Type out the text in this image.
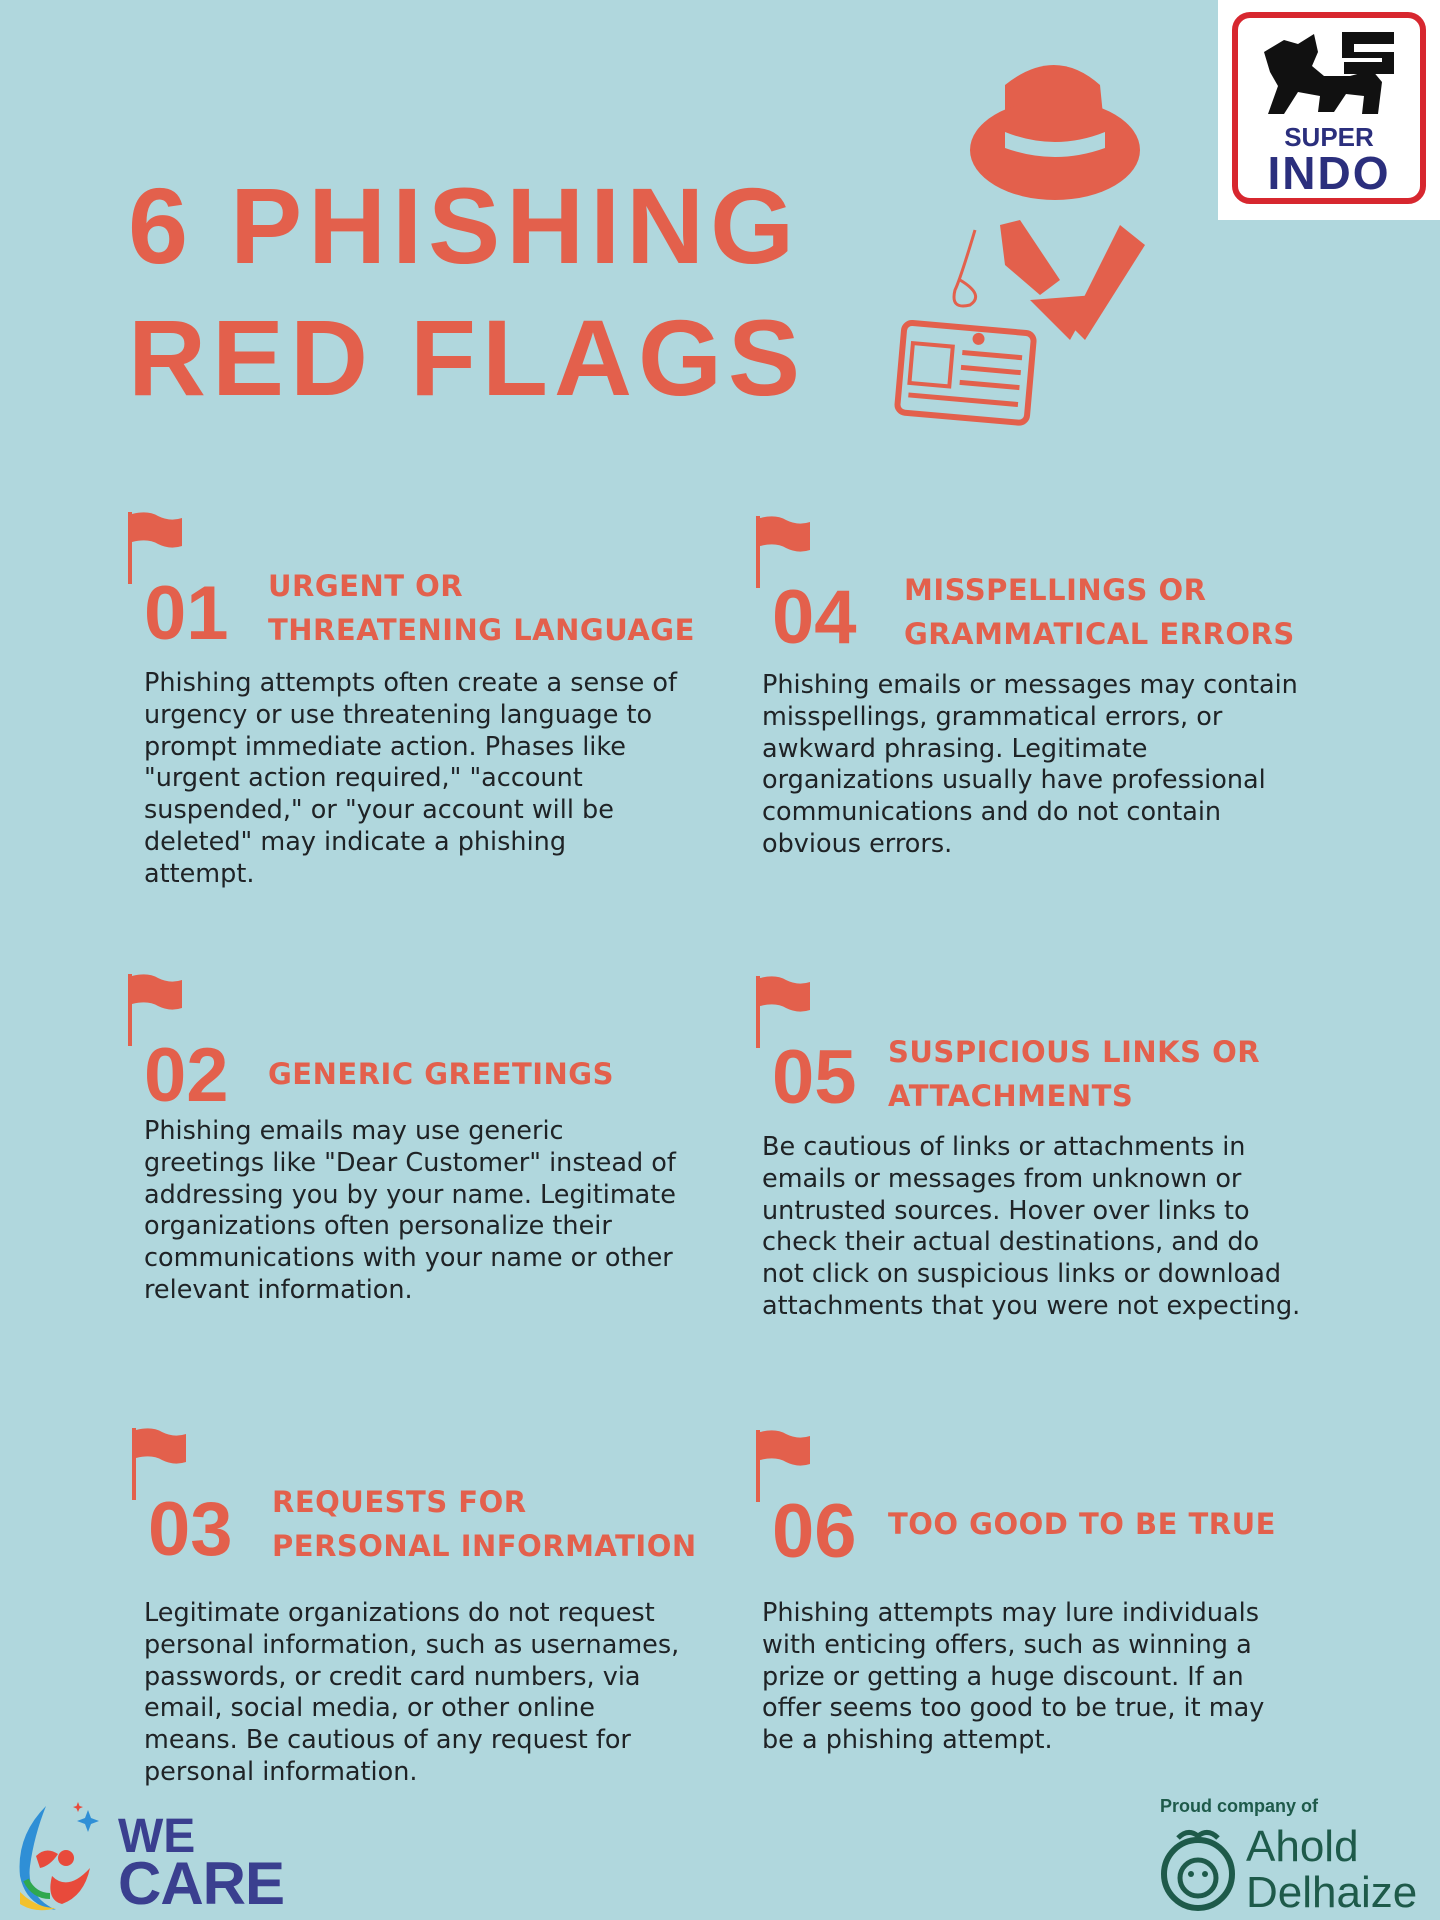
6 PHISHING
RED FLAGS
SUPER
INDO
01 URGENT OR THREATENING LANGUAGE
Phishing attempts often create a sense of urgency or use threatening language to prompt immediate action. Phases like "urgent action required," "account suspended," or "your account will be deleted" may indicate a phishing attempt.
02 GENERIC GREETINGS
Phishing emails may use generic greetings like "Dear Customer" instead of addressing you by your name. Legitimate organizations often personalize their communications with your name or other relevant information.
03 REQUESTS FOR PERSONAL INFORMATION
Legitimate organizations do not request personal information, such as usernames, passwords, or credit card numbers, via email, social media, or other online means. Be cautious of any request for personal information.
04 MISSPELLINGS OR GRAMMATICAL ERRORS
Phishing emails or messages may contain misspellings, grammatical errors, or awkward phrasing. Legitimate organizations usually have professional communications and do not contain obvious errors.
05 SUSPICIOUS LINKS OR ATTACHMENTS
Be cautious of links or attachments in emails or messages from unknown or untrusted sources. Hover over links to check their actual destinations, and do not click on suspicious links or download attachments that you were not expecting.
06 TOO GOOD TO BE TRUE
Phishing attempts may lure individuals with enticing offers, such as winning a prize or getting a huge discount. If an offer seems too good to be true, it may be a phishing attempt.
WE
CARE
Proud company of
Ahold
Delhaize
